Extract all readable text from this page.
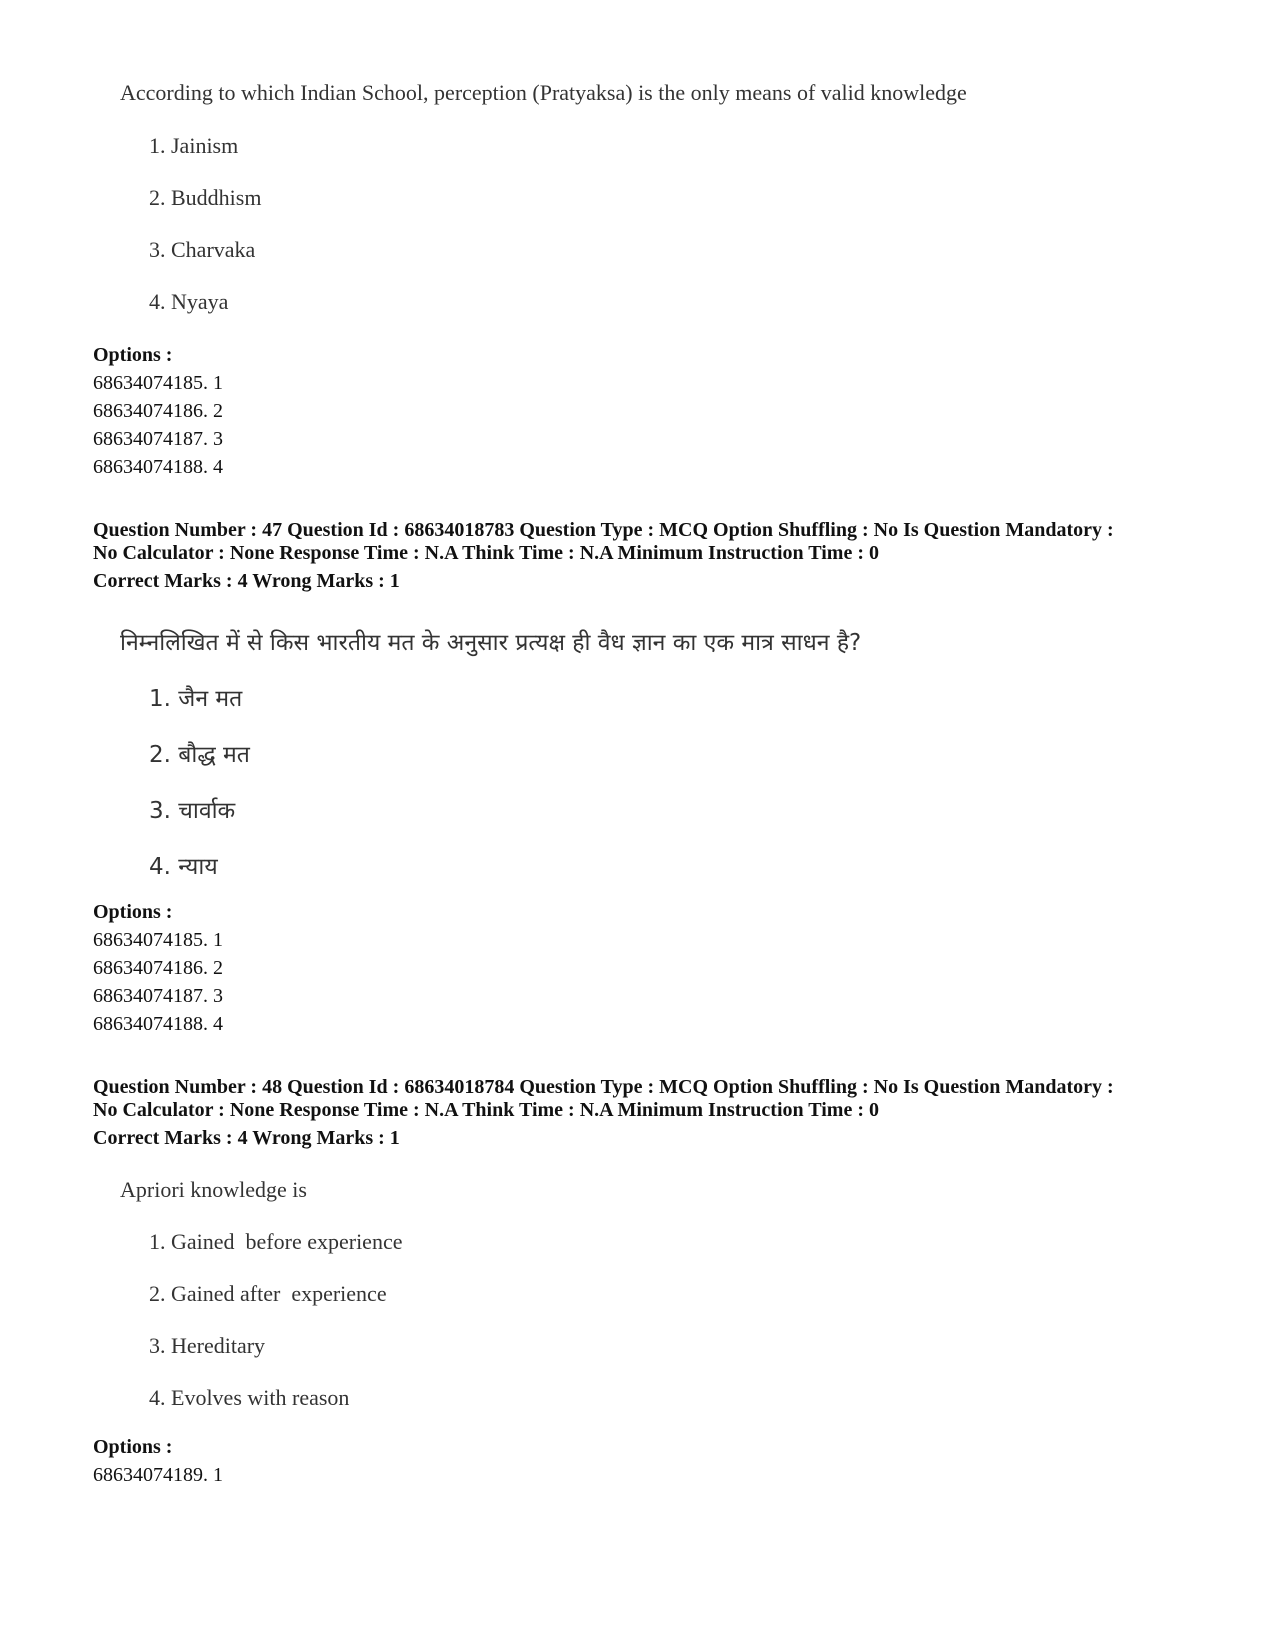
According to which Indian School, perception (Pratyaksa) is the only means of valid knowledge
1. Jainism
2. Buddhism
3. Charvaka
4. Nyaya
Options :
68634074185. 1
68634074186. 2
68634074187. 3
68634074188. 4
Question Number : 47 Question Id : 68634018783 Question Type : MCQ Option Shuffling : No Is Question Mandatory :
No Calculator : None Response Time : N.A Think Time : N.A Minimum Instruction Time : 0
Correct Marks : 4 Wrong Marks : 1
निम्नलिखित में से किस भारतीय मत के अनुसार प्रत्यक्ष ही वैध ज्ञान का एक मात्र साधन है?
1. जैन मत
2. बौद्ध मत
3. चार्वाक
4. न्याय
Options :
68634074185. 1
68634074186. 2
68634074187. 3
68634074188. 4
Question Number : 48 Question Id : 68634018784 Question Type : MCQ Option Shuffling : No Is Question Mandatory :
No Calculator : None Response Time : N.A Think Time : N.A Minimum Instruction Time : 0
Correct Marks : 4 Wrong Marks : 1
Apriori knowledge is
1. Gained  before experience
2. Gained after  experience
3. Hereditary
4. Evolves with reason
Options :
68634074189. 1
